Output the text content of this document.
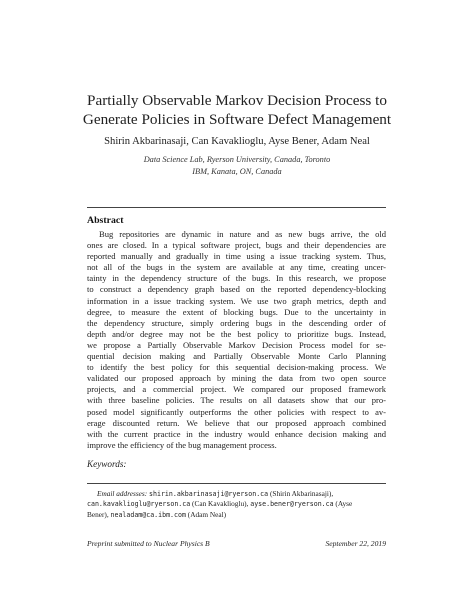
Partially Observable Markov Decision Process to
Generate Policies in Software Defect Management
Shirin Akbarinasaji, Can Kavaklioglu, Ayse Bener, Adam Neal
Data Science Lab, Ryerson University, Canada, Toronto
IBM, Kanata, ON, Canada
Abstract
Bug repositories are dynamic in nature and as new bugs arrive, the old
ones are closed. In a typical software project, bugs and their dependencies are
reported manually and gradually in time using a issue tracking system. Thus,
not all of the bugs in the system are available at any time, creating uncer-
tainty in the dependency structure of the bugs. In this research, we propose
to construct a dependency graph based on the reported dependency-blocking
information in a issue tracking system. We use two graph metrics, depth and
degree, to measure the extent of blocking bugs. Due to the uncertainty in
the dependency structure, simply ordering bugs in the descending order of
depth and/or degree may not be the best policy to prioritize bugs. Instead,
we propose a Partially Observable Markov Decision Process model for se-
quential decision making and Partially Observable Monte Carlo Planning
to identify the best policy for this sequential decision-making process. We
validated our proposed approach by mining the data from two open source
projects, and a commercial project. We compared our proposed framework
with three baseline policies. The results on all datasets show that our pro-
posed model significantly outperforms the other policies with respect to av-
erage discounted return. We believe that our proposed approach combined
with the current practice in the industry would enhance decision making and
improve the efficiency of the bug management process.
Keywords:
Email addresses: shirin.akbarinasaji@ryerson.ca (Shirin Akbarinasaji),
can.kavaklioglu@ryerson.ca (Can Kavaklioglu), ayse.bener@ryerson.ca (Ayse
Bener), nealadam@ca.ibm.com (Adam Neal)
Preprint submitted to Nuclear Physics B	September 22, 2019
